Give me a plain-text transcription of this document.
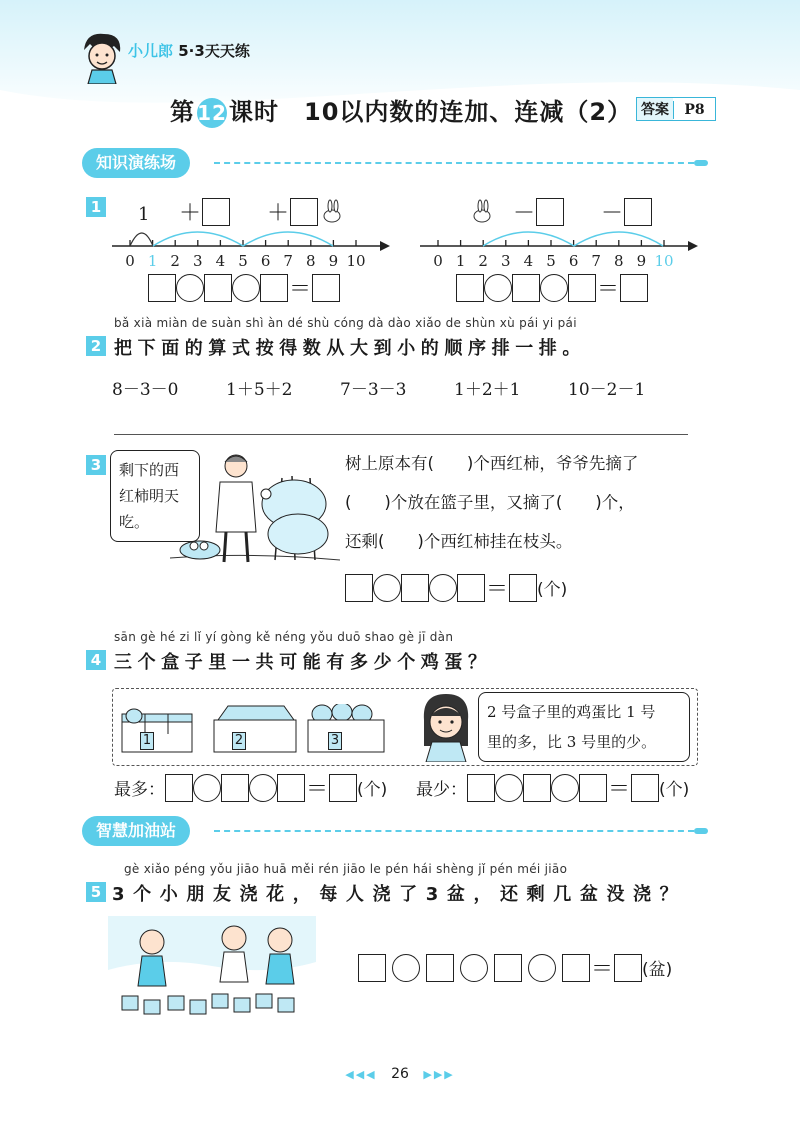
小儿郎 5·3天天练
第 12课时　10以内数的连加、连减（2） 答案 P8
知识演练场
1
0 1 2 3 4 5 6 7 8 9 10	0 1 2 3 4 5 6 7 8 9 10
1 ＋	＋	－	－
＝	＝
bǎ xià miàn de suàn shì àn dé shù cóng dà dào xiǎo de shùn xù pái yi pái
2 把下面的算式按得数从大到小的顺序排一排。
8－3－0	1＋5＋2	7－3－3	1＋2＋1	10－2－1
3	剩下的西
红柿明天
吃。
树上原本有(　　)个西红柿，爷爷先摘了
(　　)个放在篮子里，又摘了(　　)个，
还剩(　　)个西红柿挂在枝头。
＝ (个)
sān gè hé zi lǐ yí gòng kě néng yǒu duō shao gè jī dàn
4 三个盒子里一共可能有多少个鸡蛋？
1	2	3
2 号盒子里的鸡蛋比 1 号
里的多，比 3 号里的少。
最多：	＝ (个) 最少：	＝ (个)
智慧加油站
gè xiǎo péng yǒu jiāo huā měi rén jiāo le pén hái shèng jǐ pén méi jiāo
5 3个小朋友浇花，每人浇了3盆，还剩几盆没浇？
＝ (盆)
◀◀◀ 26 ▶▶▶
